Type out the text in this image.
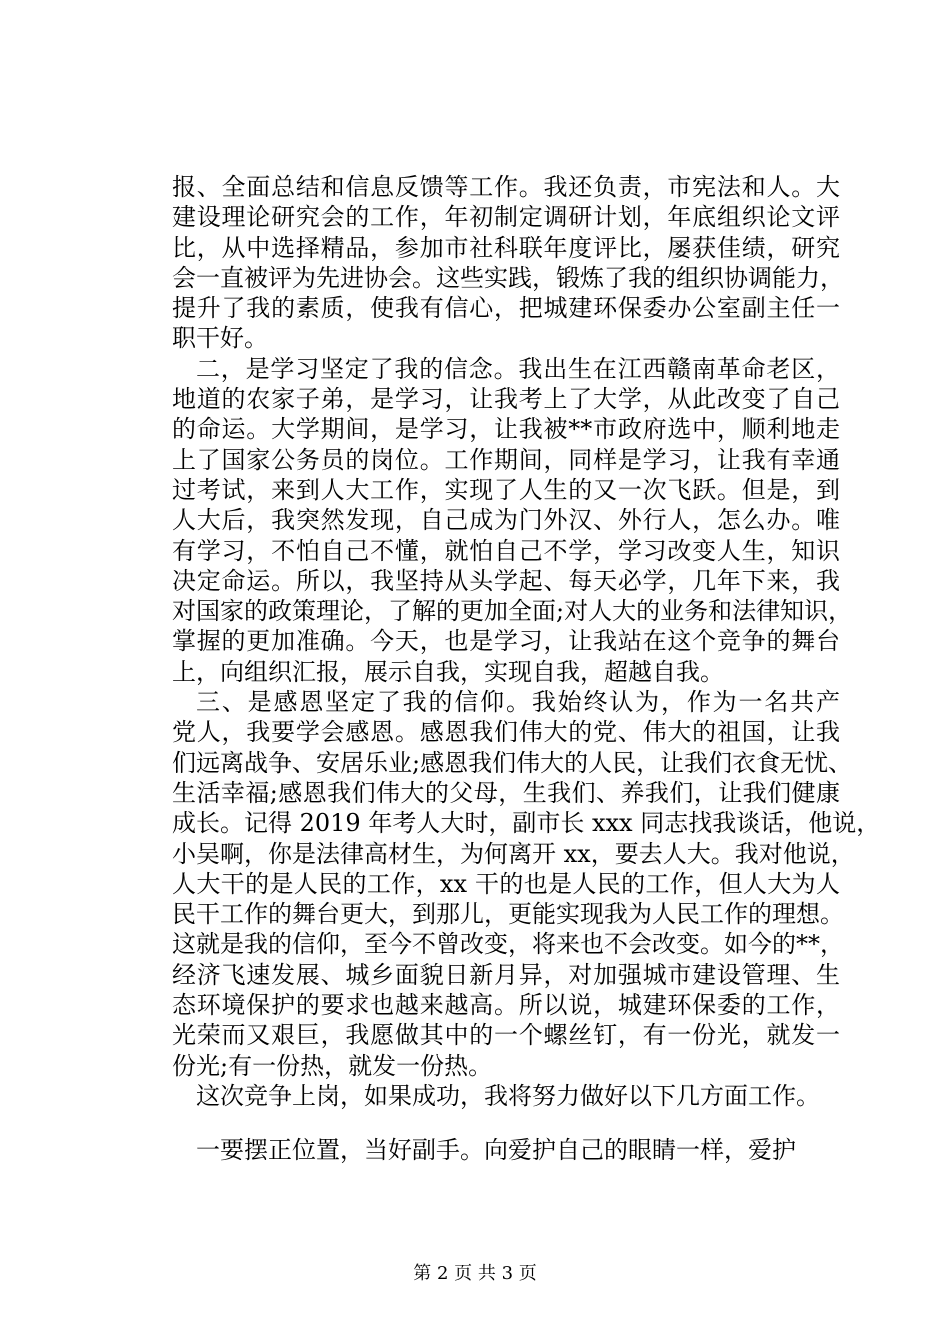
报、全面总结和信息反馈等工作。我还负责，市宪法和人。大
建设理论研究会的工作，年初制定调研计划，年底组织论文评
比，从中选择精品，参加市社科联年度评比，屡获佳绩，研究
会一直被评为先进协会。这些实践，锻炼了我的组织协调能力，
提升了我的素质，使我有信心，把城建环保委办公室副主任一
职干好。
二，是学习坚定了我的信念。我出生在江西赣南革命老区，
地道的农家子弟，是学习，让我考上了大学，从此改变了自己
的命运。大学期间，是学习，让我被**市政府选中，顺利地走
上了国家公务员的岗位。工作期间，同样是学习，让我有幸通
过考试，来到人大工作，实现了人生的又一次飞跃。但是，到
人大后，我突然发现，自己成为门外汉、外行人，怎么办。唯
有学习，不怕自己不懂，就怕自己不学，学习改变人生，知识
决定命运。所以，我坚持从头学起、每天必学，几年下来，我
对国家的政策理论，了解的更加全面;对人大的业务和法律知识，
掌握的更加准确。今天，也是学习，让我站在这个竞争的舞台
上，向组织汇报，展示自我，实现自我，超越自我。
三、是感恩坚定了我的信仰。我始终认为，作为一名共产
党人，我要学会感恩。感恩我们伟大的党、伟大的祖国，让我
们远离战争、安居乐业;感恩我们伟大的人民，让我们衣食无忧、
生活幸福;感恩我们伟大的父母，生我们、养我们，让我们健康
成长。记得 2019 年考人大时，副市长 xxx 同志找我谈话，他说，
小吴啊，你是法律高材生，为何离开 xx，要去人大。我对他说，
人大干的是人民的工作，xx 干的也是人民的工作，但人大为人
民干工作的舞台更大，到那儿，更能实现我为人民工作的理想。
这就是我的信仰，至今不曾改变，将来也不会改变。如今的**，
经济飞速发展、城乡面貌日新月异，对加强城市建设管理、生
态环境保护的要求也越来越高。所以说，城建环保委的工作，
光荣而又艰巨，我愿做其中的一个螺丝钉，有一份光，就发一
份光;有一份热，就发一份热。
这次竞争上岗，如果成功，我将努力做好以下几方面工作。
一要摆正位置，当好副手。向爱护自己的眼睛一样，爱护
第 2 页 共 3 页
